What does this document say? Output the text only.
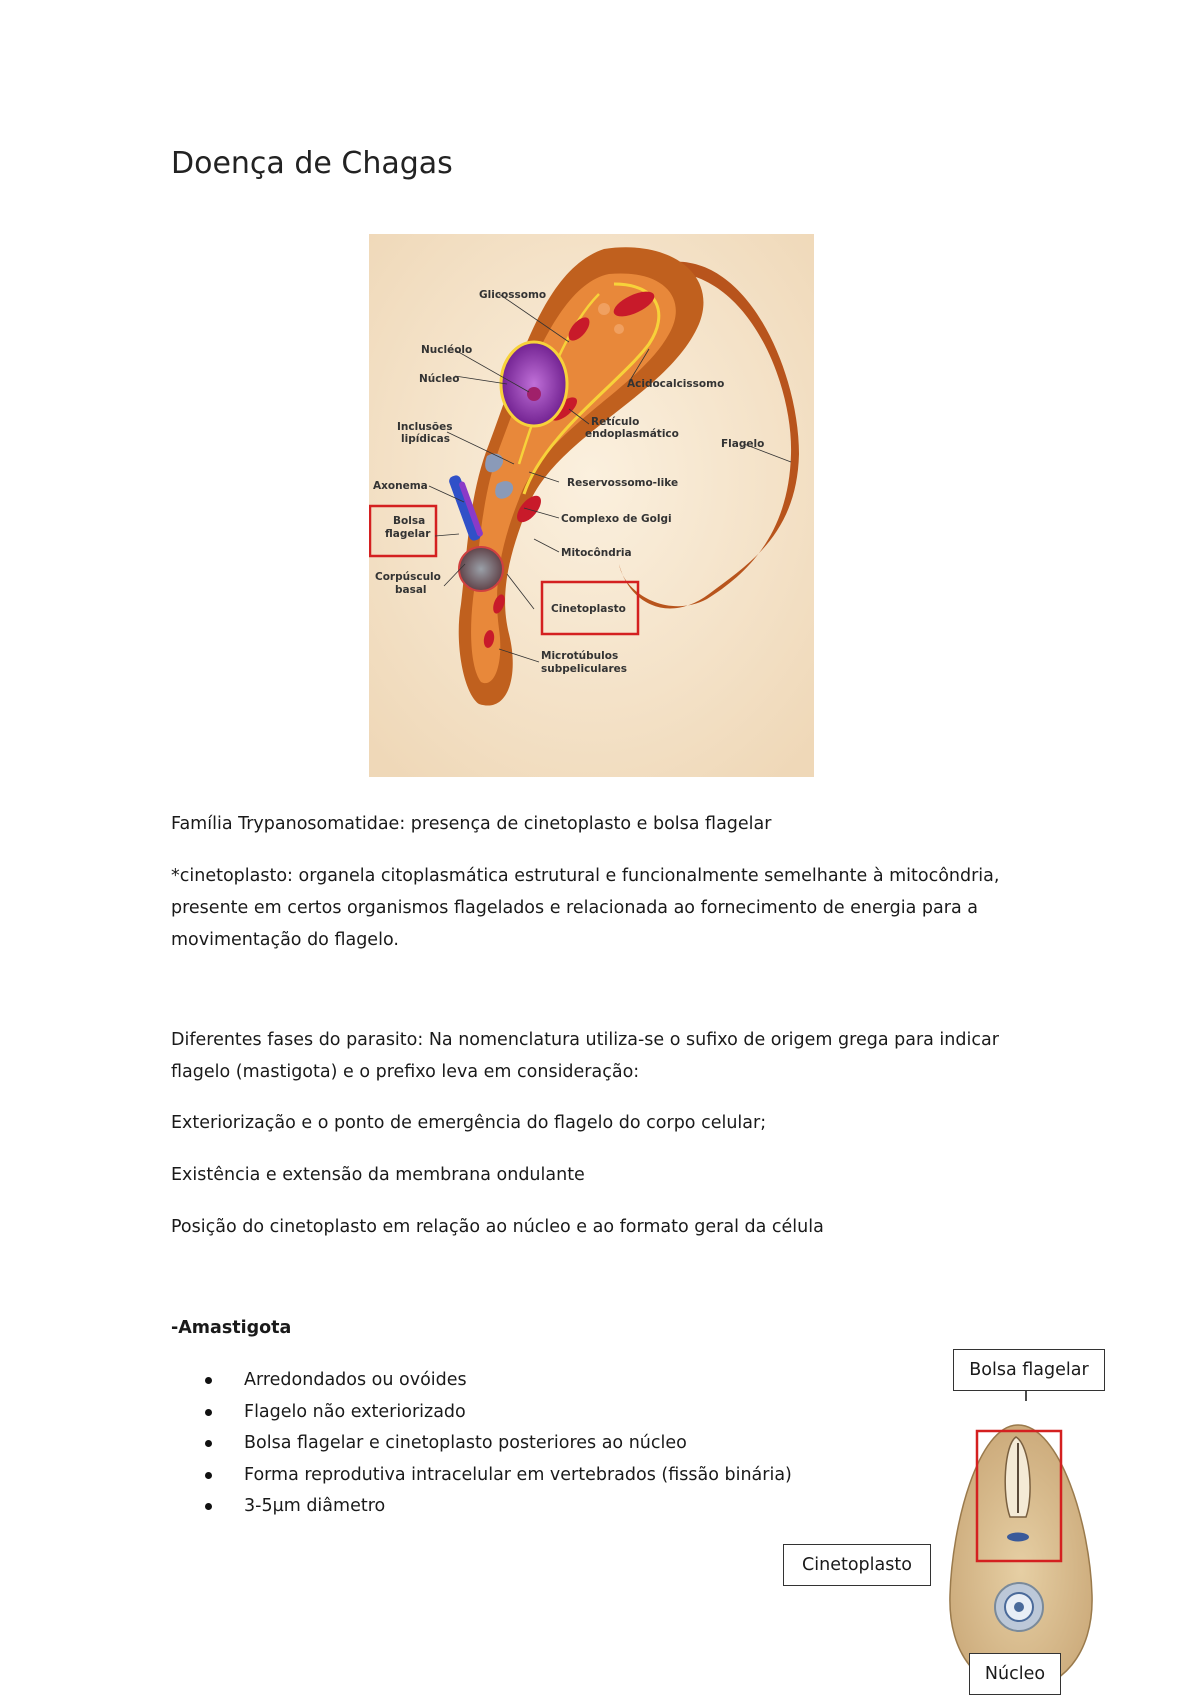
Doença de Chagas
Glicossomo
Nucléolo
Núcleo
Inclusões
lipídicas
Axonema
Bolsa
flagelar
Corpúsculo
basal
Acidocalcissomo
Retículo
endoplasmático
Flagelo
Reservossomo-like
Complexo de Golgi
Mitocôndria
Cinetoplasto
Microtúbulos
subpeliculares

Família Trypanosomatidae: presença de cinetoplasto e bolsa flagelar

*cinetoplasto: organela citoplasmática estrutural e funcionalmente semelhante à mitocôndria,

presente em certos organismos flagelados e relacionada ao fornecimento de energia para a

movimentação do flagelo.

Diferentes fases do parasito: Na nomenclatura utiliza-se o sufixo de origem grega para indicar

flagelo (mastigota) e o prefixo leva em consideração:

Exteriorização e o ponto de emergência do flagelo do corpo celular;

Existência e extensão da membrana ondulante

Posição do cinetoplasto em relação ao núcleo e ao formato geral da célula

-Amastigota

Arredondados ou ovóides
Flagelo não exteriorizado
Bolsa flagelar e cinetoplasto posteriores ao núcleo
Forma reprodutiva intracelular em vertebrados (fissão binária)
3-5µm diâmetro
Bolsa flagelar
Cinetoplasto
Núcleo
